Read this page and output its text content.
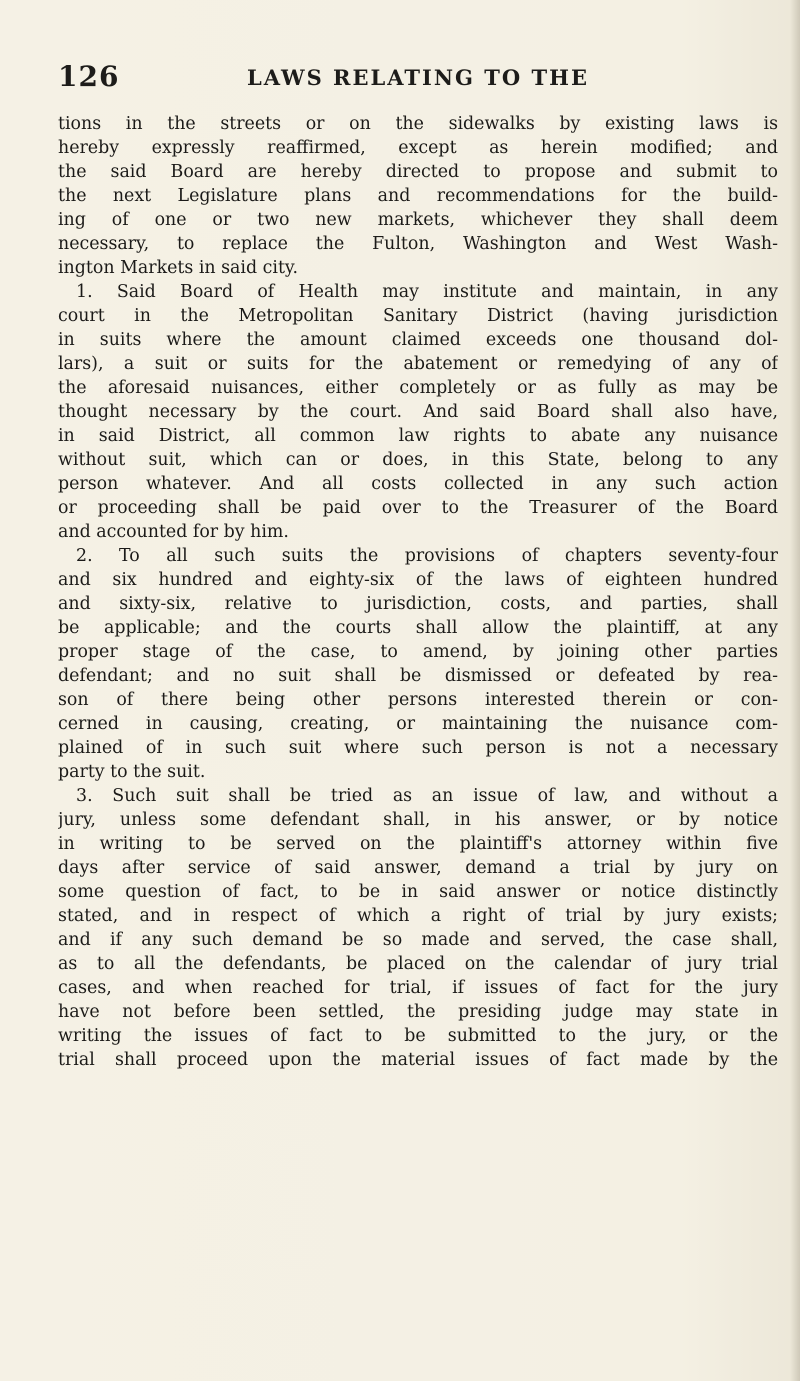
126	LAWS RELATING TO THE
tions in the streets or on the sidewalks by existing laws is
hereby expressly reaffirmed, except as herein modified; and
the said Board are hereby directed to propose and submit to
the next Legislature plans and recommendations for the build-
ing of one or two new markets, whichever they shall deem
necessary, to replace the Fulton, Washington and West Wash-
ington Markets in said city.
1. Said Board of Health may institute and maintain, in any
court in the Metropolitan Sanitary District (having jurisdiction
in suits where the amount claimed exceeds one thousand dol-
lars), a suit or suits for the abatement or remedying of any of
the aforesaid nuisances, either completely or as fully as may be
thought necessary by the court. And said Board shall also have,
in said District, all common law rights to abate any nuisance
without suit, which can or does, in this State, belong to any
person whatever. And all costs collected in any such action
or proceeding shall be paid over to the Treasurer of the Board
and accounted for by him.
2. To all such suits the provisions of chapters seventy-four
and six hundred and eighty-six of the laws of eighteen hundred
and sixty-six, relative to jurisdiction, costs, and parties, shall
be applicable; and the courts shall allow the plaintiff, at any
proper stage of the case, to amend, by joining other parties
defendant; and no suit shall be dismissed or defeated by rea-
son of there being other persons interested therein or con-
cerned in causing, creating, or maintaining the nuisance com-
plained of in such suit where such person is not a necessary
party to the suit.
3. Such suit shall be tried as an issue of law, and without a
jury, unless some defendant shall, in his answer, or by notice
in writing to be served on the plaintiff's attorney within five
days after service of said answer, demand a trial by jury on
some question of fact, to be in said answer or notice distinctly
stated, and in respect of which a right of trial by jury exists;
and if any such demand be so made and served, the case shall,
as to all the defendants, be placed on the calendar of jury trial
cases, and when reached for trial, if issues of fact for the jury
have not before been settled, the presiding judge may state in
writing the issues of fact to be submitted to the jury, or the
trial shall proceed upon the material issues of fact made by the
